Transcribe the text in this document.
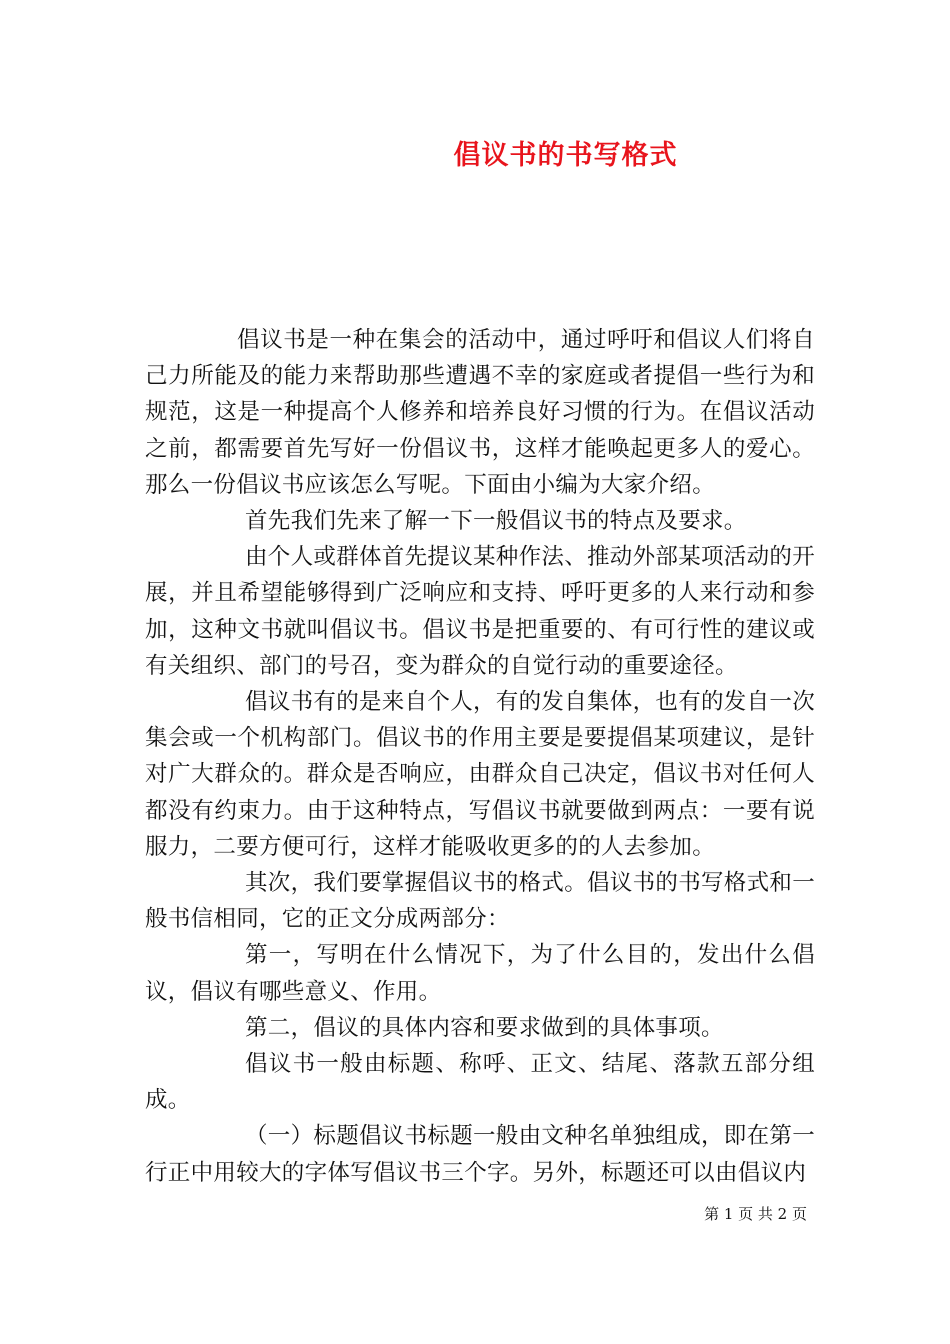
倡议书的书写格式

倡议书是一种在集会的活动中，通过呼吁和倡议人们将自己力所能及的能力来帮助那些遭遇不幸的家庭或者提倡一些行为和规范，这是一种提高个人修养和培养良好习惯的行为。在倡议活动之前，都需要首先写好一份倡议书，这样才能唤起更多人的爱心。那么一份倡议书应该怎么写呢。下面由小编为大家介绍。

首先我们先来了解一下一般倡议书的特点及要求。

由个人或群体首先提议某种作法、推动外部某项活动的开展，并且希望能够得到广泛响应和支持、呼吁更多的人来行动和参加，这种文书就叫倡议书。倡议书是把重要的、有可行性的建议或有关组织、部门的号召，变为群众的自觉行动的重要途径。

倡议书有的是来自个人，有的发自集体，也有的发自一次集会或一个机构部门。倡议书的作用主要是要提倡某项建议，是针对广大群众的。群众是否响应，由群众自己决定，倡议书对任何人都没有约束力。由于这种特点，写倡议书就要做到两点：一要有说服力，二要方便可行，这样才能吸收更多的的人去参加。

其次，我们要掌握倡议书的格式。倡议书的书写格式和一般书信相同，它的正文分成两部分：

第一，写明在什么情况下，为了什么目的，发出什么倡议，倡议有哪些意义、作用。

第二，倡议的具体内容和要求做到的具体事项。

倡议书一般由标题、称呼、正文、结尾、落款五部分组成。

（一）标题倡议书标题一般由文种名单独组成，即在第一行正中用较大的字体写倡议书三个字。另外，标题还可以由倡议内

第 1 页 共 2 页
